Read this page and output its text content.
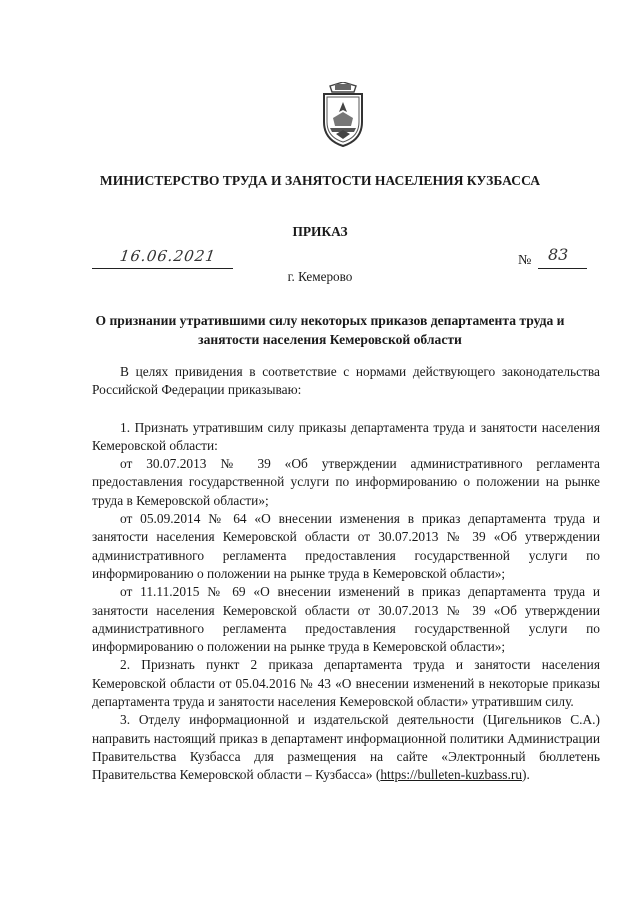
МИНИСТЕРСТВО ТРУДА И ЗАНЯТОСТИ НАСЕЛЕНИЯ КУЗБАССА
ПРИКАЗ
16.06.2021	№ 83
г. Кемерово
О признании утратившими силу некоторых приказов департамента труда и занятости населения Кемеровской области

В целях привидения в соответствие с нормами действующего законодательства Российской Федерации приказываю:

1. Признать утратившим силу приказы департамента труда и занятости населения Кемеровской области:

от 30.07.2013 № 39 «Об утверждении административного регламента предоставления государственной услуги по информированию о положении на рынке труда в Кемеровской области»;

от 05.09.2014 № 64 «О внесении изменения в приказ департамента труда и занятости населения Кемеровской области от 30.07.2013 № 39 «Об утверждении административного регламента предоставления государственной услуги по информированию о положении на рынке труда в Кемеровской области»;

от 11.11.2015 № 69 «О внесении изменений в приказ департамента труда и занятости населения Кемеровской области от 30.07.2013 № 39 «Об утверждении административного регламента предоставления государственной услуги по информированию о положении на рынке труда в Кемеровской области»;

2. Признать пункт 2 приказа департамента труда и занятости населения Кемеровской области от 05.04.2016 № 43 «О внесении изменений в некоторые приказы департамента труда и занятости населения Кемеровской области» утратившим силу.

3. Отделу информационной и издательской деятельности (Цигельников С.А.) направить настоящий приказ в департамент информационной политики Администрации Правительства Кузбасса для размещения на сайте «Электронный бюллетень Правительства Кемеровской области – Кузбасса» (https://bulleten-kuzbass.ru).
